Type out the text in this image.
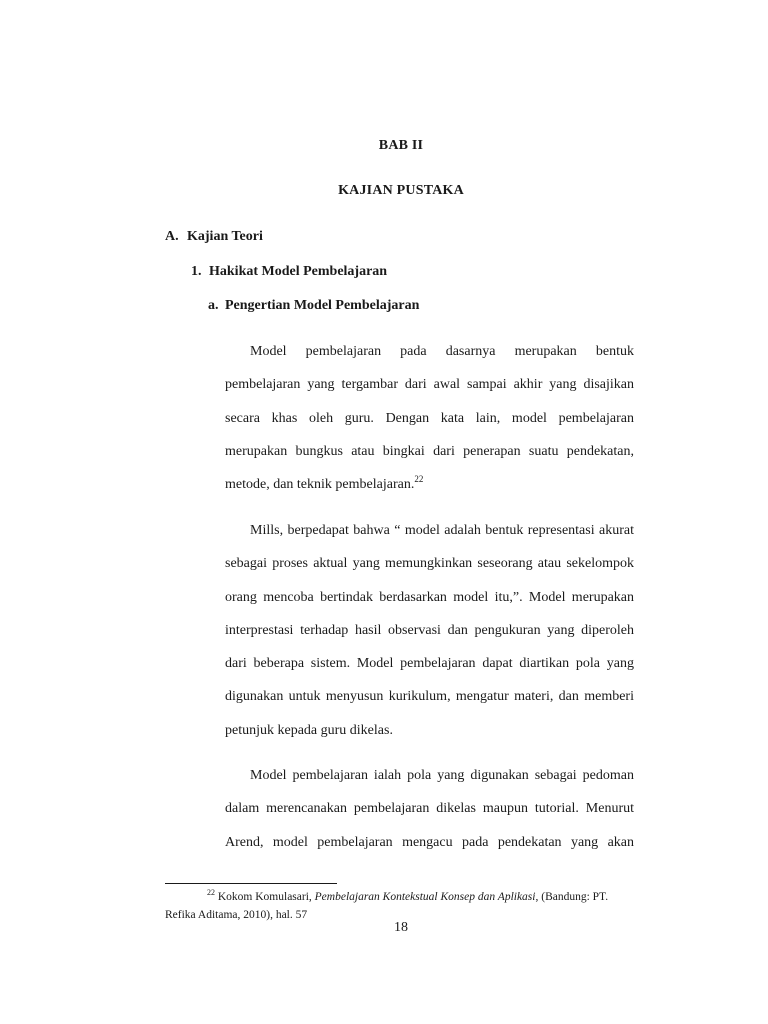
BAB II
KAJIAN PUSTAKA
A. Kajian Teori
1. Hakikat Model Pembelajaran
a. Pengertian Model Pembelajaran
Model pembelajaran pada dasarnya merupakan bentuk
pembelajaran yang tergambar dari awal sampai akhir yang disajikan
secara khas oleh guru. Dengan kata lain, model pembelajaran
merupakan bungkus atau bingkai dari penerapan suatu pendekatan,
metode, dan teknik pembelajaran.$^{22}$
Mills, berpedapat bahwa “ model adalah bentuk representasi akurat
sebagai proses aktual yang memungkinkan seseorang atau sekelompok
orang mencoba bertindak berdasarkan model itu,”. Model merupakan
interprestasi terhadap hasil observasi dan pengukuran yang diperoleh
dari beberapa sistem. Model pembelajaran dapat diartikan pola yang
digunakan untuk menyusun kurikulum, mengatur materi, dan memberi
petunjuk kepada guru dikelas.
Model pembelajaran ialah pola yang digunakan sebagai pedoman
dalam merencanakan pembelajaran dikelas maupun tutorial. Menurut
Arend, model pembelajaran mengacu pada pendekatan yang akan
$^{22}$ Kokom Komulasari, Pembelajaran Kontekstual Konsep dan Aplikasi, (Bandung: PT.
Refika Aditama, 2010), hal. 57
18
